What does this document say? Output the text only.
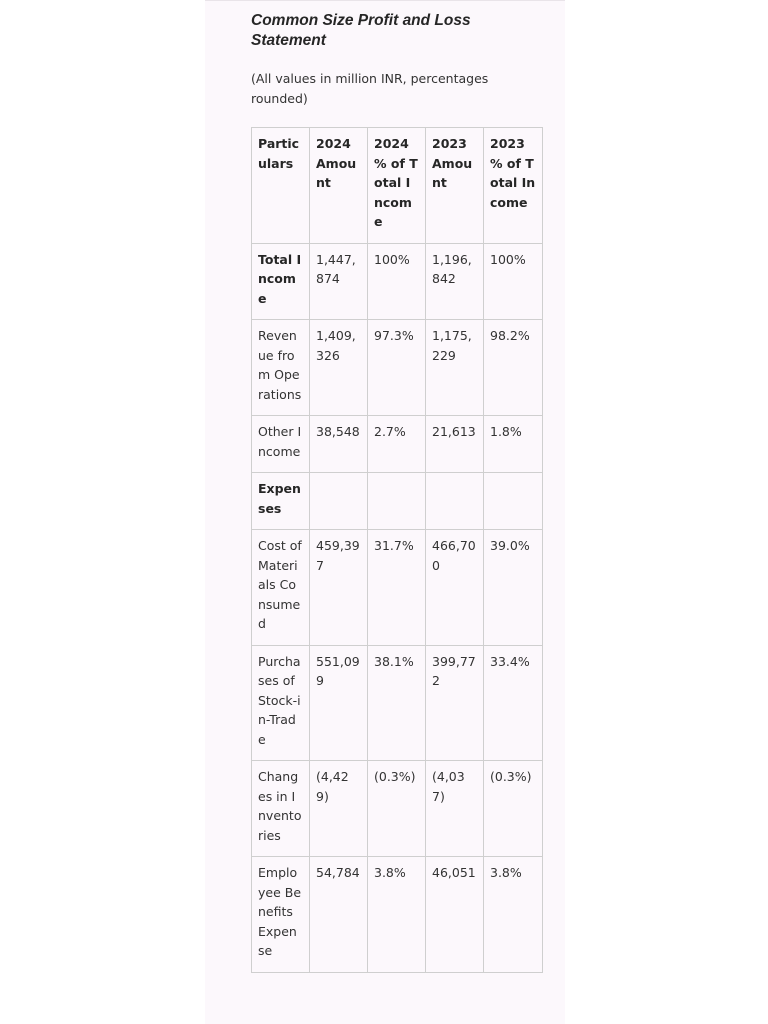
Common Size Profit and Loss Statement

(All values in million INR, percentages rounded)

Particulars	2024 Amount	2024 % of Total Income	2023 Amount	2023 % of Total Income
Total Income	1,447,874	100%	1,196,842	100%
Revenue from Operations	1,409,326	97.3%	1,175,229	98.2%
Other Income	38,548	2.7%	21,613	1.8%
Expenses				
Cost of Materials Consumed	459,397	31.7%	466,700	39.0%
Purchases of Stock-in-Trade	551,099	38.1%	399,772	33.4%
Changes in Inventories	(4,429)	(0.3%)	(4,037)	(0.3%)
Employee Benefits Expense	54,784	3.8%	46,051	3.8%
